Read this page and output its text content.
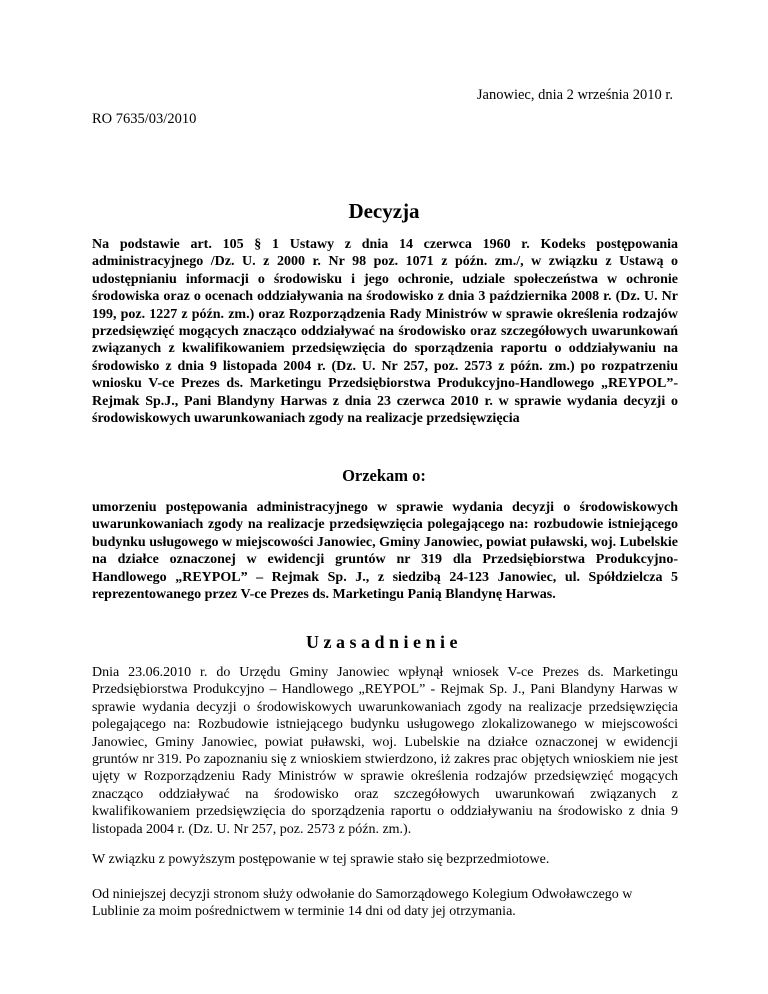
Janowiec, dnia 2 września 2010 r.
RO 7635/03/2010
Decyzja
Na podstawie art. 105 § 1 Ustawy z dnia 14 czerwca 1960 r. Kodeks postępowania administracyjnego /Dz. U. z 2000 r. Nr 98 poz. 1071 z późn. zm./, w związku z Ustawą o udostępnianiu informacji o środowisku i jego ochronie, udziale społeczeństwa w ochronie środowiska oraz o ocenach oddziaływania na środowisko z dnia 3 października 2008 r. (Dz. U. Nr 199, poz. 1227 z późn. zm.) oraz Rozporządzenia Rady Ministrów w sprawie określenia rodzajów przedsięwzięć mogących znacząco oddziaływać na środowisko oraz szczegółowych uwarunkowań związanych z kwalifikowaniem przedsięwzięcia do sporządzenia raportu o oddziaływaniu na środowisko z dnia 9 listopada 2004 r. (Dz. U. Nr 257, poz. 2573 z późn. zm.) po rozpatrzeniu wniosku V-ce Prezes ds. Marketingu Przedsiębiorstwa Produkcyjno-Handlowego „REYPOL”-Rejmak Sp.J., Pani Blandyny Harwas z dnia 23 czerwca 2010 r. w sprawie wydania decyzji o środowiskowych uwarunkowaniach zgody na realizacje przedsięwzięcia
Orzekam o:
umorzeniu postępowania administracyjnego w sprawie wydania decyzji o środowiskowych uwarunkowaniach zgody na realizacje przedsięwzięcia polegającego na: rozbudowie istniejącego budynku usługowego w miejscowości Janowiec, Gminy Janowiec, powiat puławski, woj. Lubelskie na działce oznaczonej w ewidencji gruntów nr 319 dla Przedsiębiorstwa Produkcyjno-Handlowego „REYPOL” – Rejmak Sp. J., z siedzibą 24-123 Janowiec, ul. Spółdzielcza 5 reprezentowanego przez V-ce Prezes ds. Marketingu Panią Blandynę Harwas.
Uzasadnienie
Dnia 23.06.2010 r. do Urzędu Gminy Janowiec wpłynął wniosek V-ce Prezes ds. Marketingu Przedsiębiorstwa Produkcyjno – Handlowego „REYPOL” - Rejmak Sp. J., Pani Blandyny Harwas w sprawie wydania decyzji o środowiskowych uwarunkowaniach zgody na realizacje przedsięwzięcia polegającego na: Rozbudowie istniejącego budynku usługowego zlokalizowanego w miejscowości Janowiec, Gminy Janowiec, powiat puławski, woj. Lubelskie na działce oznaczonej w ewidencji gruntów nr 319. Po zapoznaniu się z wnioskiem stwierdzono, iż zakres prac objętych wnioskiem nie jest ujęty w Rozporządzeniu Rady Ministrów w sprawie określenia rodzajów przedsięwzięć mogących znacząco oddziaływać na środowisko oraz szczegółowych uwarunkowań związanych z kwalifikowaniem przedsięwzięcia do sporządzenia raportu o oddziaływaniu na środowisko z dnia 9 listopada 2004 r. (Dz. U. Nr 257, poz. 2573 z późn. zm.).
W związku z powyższym postępowanie w tej sprawie stało się bezprzedmiotowe.
Od niniejszej decyzji stronom służy odwołanie do Samorządowego Kolegium Odwoławczego w Lublinie za moim pośrednictwem w terminie 14 dni od daty jej otrzymania.
